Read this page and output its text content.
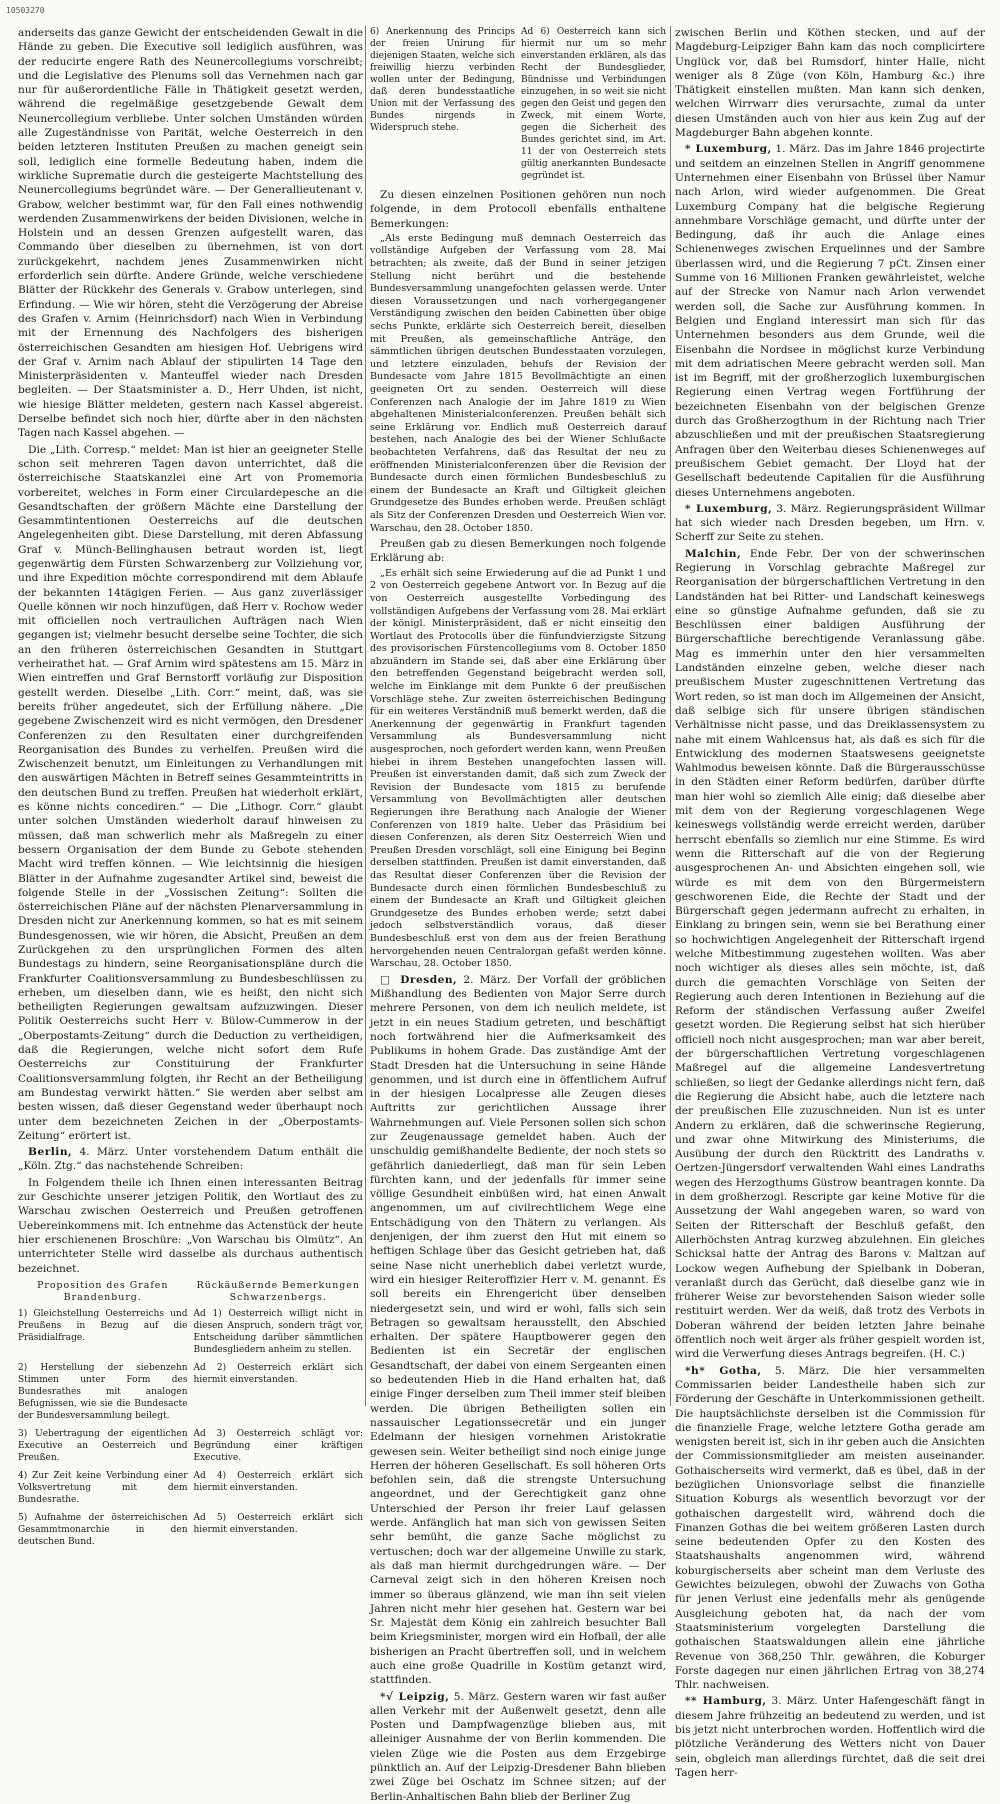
10503270

anderseits das ganze Gewicht der entscheidenden Gewalt in die Hände zu geben. Die Executive soll lediglich ausführen, was der reducirte engere Rath des Neunercollegiums vorschreibt; und die Legislative des Plenums soll das Vernehmen nach gar nur für außerordentliche Fälle in Thätigkeit gesetzt werden, während die regelmäßige gesetzgebende Gewalt dem Neunercollegium verbliebe. Unter solchen Umständen würden alle Zugeständnisse von Parität, welche Oesterreich in den beiden letzteren Instituten Preußen zu machen geneigt sein soll, lediglich eine formelle Bedeutung haben, indem die wirkliche Suprematie durch die gesteigerte Machtstellung des Neunercollegiums begründet wäre. — Der Generallieutenant v. Grabow, welcher bestimmt war, für den Fall eines nothwendig werdenden Zusammenwirkens der beiden Divisionen, welche in Holstein und an dessen Grenzen aufgestellt waren, das Commando über dieselben zu übernehmen, ist von dort zurückgekehrt, nachdem jenes Zusammenwirken nicht erforderlich sein dürfte. Andere Gründe, welche verschiedene Blätter der Rückkehr des Generals v. Grabow unterlegen, sind Erfindung. — Wie wir hören, steht die Verzögerung der Abreise des Grafen v. Arnim (Heinrichsdorf) nach Wien in Verbindung mit der Ernennung des Nachfolgers des bisherigen österreichischen Gesandten am hiesigen Hof. Uebrigens wird der Graf v. Arnim nach Ablauf der stipulirten 14 Tage den Ministerpräsidenten v. Manteuffel wieder nach Dresden begleiten. — Der Staatsminister a. D., Herr Uhden, ist nicht, wie hiesige Blätter meldeten, gestern nach Kassel abgereist. Derselbe befindet sich noch hier, dürfte aber in den nächsten Tagen nach Kassel abgehen. —

Die „Lith. Corresp.“ meldet: Man ist hier an geeigneter Stelle schon seit mehreren Tagen davon unterrichtet, daß die österreichische Staatskanzlei eine Art von Promemoria vorbereitet, welches in Form einer Circulardepesche an die Gesandtschaften der größern Mächte eine Darstellung der Gesammtintentionen Oesterreichs auf die deutschen Angelegenheiten gibt. Diese Darstellung, mit deren Abfassung Graf v. Münch-Bellinghausen betraut worden ist, liegt gegenwärtig dem Fürsten Schwarzenberg zur Vollziehung vor, und ihre Expedition möchte correspondirend mit dem Ablaufe der bekannten 14tägigen Ferien. — Aus ganz zuverlässiger Quelle können wir noch hinzufügen, daß Herr v. Rochow weder mit officiellen noch vertraulichen Aufträgen nach Wien gegangen ist; vielmehr besucht derselbe seine Tochter, die sich an den früheren österreichischen Gesandten in Stuttgart verheirathet hat. — Graf Arnim wird spätestens am 15. März in Wien eintreffen und Graf Bernstorff vorläufig zur Disposition gestellt werden. Dieselbe „Lith. Corr.“ meint, daß, was sie bereits früher angedeutet, sich der Erfüllung nähere. „Die gegebene Zwischenzeit wird es nicht vermögen, den Dresdener Conferenzen zu den Resultaten einer durchgreifenden Reorganisation des Bundes zu verhelfen. Preußen wird die Zwischenzeit benutzt, um Einleitungen zu Verhandlungen mit den auswärtigen Mächten in Betreff seines Gesammteintritts in den deutschen Bund zu treffen. Preußen hat wiederholt erklärt, es könne nichts concediren.“ — Die „Lithogr. Corr.“ glaubt unter solchen Umständen wiederholt darauf hinweisen zu müssen, daß man schwerlich mehr als Maßregeln zu einer bessern Organisation der dem Bunde zu Gebote stehenden Macht wird treffen können. — Wie leichtsinnig die hiesigen Blätter in der Aufnahme zugesandter Artikel sind, beweist die folgende Stelle in der „Vossischen Zeitung“: Sollten die österreichischen Pläne auf der nächsten Plenarversammlung in Dresden nicht zur Anerkennung kommen, so hat es mit seinem Bundesgenossen, wie wir hören, die Absicht, Preußen an dem Zurückgehen zu den ursprünglichen Formen des alten Bundestags zu hindern, seine Reorganisationspläne durch die Frankfurter Coalitionsversammlung zu Bundesbeschlüssen zu erheben, um dieselben dann, wie es heißt, den nicht sich betheiligten Regierungen gewaltsam aufzuzwingen. Dieser Politik Oesterreichs sucht Herr v. Bülow-Cummerow in der „Oberpostamts-Zeitung“ durch die Deduction zu vertheidigen, daß die Regierungen, welche nicht sofort dem Rufe Oesterreichs zur Constituirung der Frankfurter Coalitionsversammlung folgten, ihr Recht an der Betheiligung am Bundestag verwirkt hätten.“ Sie werden aber selbst am besten wissen, daß dieser Gegenstand weder überhaupt noch unter dem bezeichneten Zeichen in der „Oberpostamts-Zeitung“ erörtert ist.

Berlin, 4. März. Unter vorstehendem Datum enthält die „Köln. Ztg.“ das nachstehende Schreiben:

In Folgendem theile ich Ihnen einen interessanten Beitrag zur Geschichte unserer jetzigen Politik, den Wortlaut des zu Warschau zwischen Oesterreich und Preußen getroffenen Uebereinkommens mit. Ich entnehme das Actenstück der heute hier erschienenen Broschüre: „Von Warschau bis Olmütz“. An unterrichteter Stelle wird dasselbe als durchaus authentisch bezeichnet.

Proposition des Grafen Brandenburg.
Rückäußernde Bemerkungen Schwarzenbergs.
1) Gleichstellung Oesterreichs und Preußens in Bezug auf die Präsidialfrage.
Ad 1) Oesterreich willigt nicht in diesen Anspruch, sondern trägt vor, Entscheidung darüber sämmtlichen Bundesgliedern anheim zu stellen.
2) Herstellung der siebenzehn Stimmen unter Form des Bundesrathes mit analogen Befugnissen, wie sie die Bundesacte der Bundesversammlung beilegt.
Ad 2) Oesterreich erklärt sich hiermit einverstanden.
3) Uebertragung der eigentlichen Executive an Oesterreich und Preußen.
Ad 3) Oesterreich schlägt vor: Begründung einer kräftigen Executive.
4) Zur Zeit keine Verbindung einer Volksvertretung mit dem Bundesrathe.
Ad 4) Oesterreich erklärt sich hiermit einverstanden.
5) Aufnahme der österreichischen Gesammtmonarchie in den deutschen Bund.
Ad 5) Oesterreich erklärt sich hiermit einverstanden.
6) Anerkennung des Princips der freien Unirung für diejenigen Staaten, welche sich freiwillig hierzu verbinden wollen unter der Bedingung, daß deren bundesstaatliche Union mit der Verfassung des Bundes nirgends in Widerspruch stehe.
Ad 6) Oesterreich kann sich hiermit nur um so mehr einverstanden erklären, als das Recht der Bundesglieder, Bündnisse und Verbindungen einzugehen, in so weit sie nicht gegen den Geist und gegen den Zweck, mit einem Worte, gegen die Sicherheit des Bundes gerichtet sind, im Art. 11 der von Oesterreich stets gültig anerkannten Bundesacte gegründet ist.

Zu diesen einzelnen Positionen gehören nun noch folgende, in dem Protocoll ebenfalls enthaltene Bemerkungen:

„Als erste Bedingung muß demnach Oesterreich das vollständige Aufgeben der Verfassung vom 28. Mai betrachten; als zweite, daß der Bund in seiner jetzigen Stellung nicht berührt und die bestehende Bundesversammlung unangefochten gelassen werde. Unter diesen Voraussetzungen und nach vorhergegangener Verständigung zwischen den beiden Cabinetten über obige sechs Punkte, erklärte sich Oesterreich bereit, dieselben mit Preußen, als gemeinschaftliche Anträge, den sämmtlichen übrigen deutschen Bundesstaaten vorzulegen, und letztere einzuladen, behufs der Revision der Bundesacte vom Jahre 1815 Bevollmächtigte an einen geeigneten Ort zu senden. Oesterreich will diese Conferenzen nach Analogie der im Jahre 1819 zu Wien abgehaltenen Ministerialconferenzen. Preußen behält sich seine Erklärung vor. Endlich muß Oesterreich darauf bestehen, nach Analogie des bei der Wiener Schlußacte beobachteten Verfahrens, daß das Resultat der neu zu eröffnenden Ministerialconferenzen über die Revision der Bundesacte durch einen förmlichen Bundesbeschluß zu einem der Bundesacte an Kraft und Giltigkeit gleichen Grundgesetze des Bundes erhoben werde. Preußen schlägt als Sitz der Conferenzen Dresden und Oesterreich Wien vor. Warschau, den 28. October 1850.

Preußen gab zu diesen Bemerkungen noch folgende Erklärung ab:

„Es erhält sich seine Erwiederung auf die ad Punkt 1 und 2 von Oesterreich gegebene Antwort vor. In Bezug auf die von Oesterreich ausgestellte Vorbedingung des vollständigen Aufgebens der Verfassung vom 28. Mai erklärt der königl. Ministerpräsident, daß er nicht einseitig den Wortlaut des Protocolls über die fünfundvierzigste Sitzung des provisorischen Fürstencollegiums vom 8. October 1850 abzuändern im Stande sei, daß aber eine Erklärung über den betreffenden Gegenstand beigebracht werden soll, welche im Einklange mit dem Punkte 6 der preußischen Vorschläge stehe. Zur zweiten österreichischen Bedingung für ein weiteres Verständniß muß bemerkt werden, daß die Anerkennung der gegenwärtig in Frankfurt tagenden Versammlung als Bundesversammlung nicht ausgesprochen, noch gefordert werden kann, wenn Preußen hiebei in ihrem Bestehen unangefochten lassen will. Preußen ist einverstanden damit, daß sich zum Zweck der Revision der Bundesacte vom 1815 zu berufende Versammlung von Bevollmächtigten aller deutschen Regierungen ihre Berathung nach Analogie der Wiener Conferenzen von 1819 halte. Ueber das Präsidium bei diesen Conferenzen, als deren Sitz Oesterreich Wien und Preußen Dresden vorschlägt, soll eine Einigung bei Beginn derselben stattfinden. Preußen ist damit einverstanden, daß das Resultat dieser Conferenzen über die Revision der Bundesacte durch einen förmlichen Bundesbeschluß zu einem der Bundesacte an Kraft und Giltigkeit gleichen Grundgesetze des Bundes erhoben werde; setzt dabei jedoch selbstverständlich voraus, daß dieser Bundesbeschluß erst von dem aus der freien Berathung hervorgehenden neuen Centralorgan gefaßt werden könne. Warschau, 28. October 1850.

□ Dresden, 2. März. Der Vorfall der gröblichen Mißhandlung des Bedienten von Major Serre durch mehrere Personen, von dem ich neulich meldete, ist jetzt in ein neues Stadium getreten, und beschäftigt noch fortwährend hier die Aufmerksamkeit des Publikums in hohem Grade. Das zuständige Amt der Stadt Dresden hat die Untersuchung in seine Hände genommen, und ist durch eine in öffentlichem Aufruf in der hiesigen Localpresse alle Zeugen dieses Auftritts zur gerichtlichen Aussage ihrer Wahrnehmungen auf. Viele Personen sollen sich schon zur Zeugenaussage gemeldet haben. Auch der unschuldig gemißhandelte Bediente, der noch stets so gefährlich daniederliegt, daß man für sein Leben fürchten kann, und der jedenfalls für immer seine völlige Gesundheit einbüßen wird, hat einen Anwalt angenommen, um auf civilrechtlichem Wege eine Entschädigung von den Thätern zu verlangen. Als denjenigen, der ihm zuerst den Hut mit einem so heftigen Schlage über das Gesicht getrieben hat, daß seine Nase nicht unerheblich dabei verletzt wurde, wird ein hiesiger Reiteroffizier Herr v. M. genannt. Es soll bereits ein Ehrengericht über denselben niedergesetzt sein, und wird er wohl, falls sich sein Betragen so gewaltsam herausstellt, den Abschied erhalten. Der spätere Hauptbowerer gegen den Bedienten ist ein Secretär der englischen Gesandtschaft, der dabei von einem Sergeanten einen so bedeutenden Hieb in die Hand erhalten hat, daß einige Finger derselben zum Theil immer steif bleiben werden. Die übrigen Betheiligten sollen ein nassauischer Legationssecretär und ein junger Edelmann der hiesigen vornehmen Aristokratie gewesen sein. Weiter betheiligt sind noch einige junge Herren der höheren Gesellschaft. Es soll höheren Orts befohlen sein, daß die strengste Untersuchung angeordnet, und der Gerechtigkeit ganz ohne Unterschied der Person ihr freier Lauf gelassen werde. Anfänglich hat man sich von gewissen Seiten sehr bemüht, die ganze Sache möglichst zu vertuschen; doch war der allgemeine Unwille zu stark, als daß man hiermit durchgedrungen wäre. — Der Carneval zeigt sich in den höheren Kreisen noch immer so überaus glänzend, wie man ihn seit vielen Jahren nicht mehr hier gesehen hat. Gestern war bei Sr. Majestät dem König ein zahlreich besuchter Ball beim Kriegsminister, morgen wird ein Hofball, der alle bisherigen an Pracht übertreffen soll, und in welchem auch eine große Quadrille in Kostüm getanzt wird, stattfinden.

*√ Leipzig, 5. März. Gestern waren wir fast außer allen Verkehr mit der Außenwelt gesetzt, denn alle Posten und Dampfwagenzüge blieben aus, mit alleiniger Ausnahme der von Berlin kommenden. Die vielen Züge wie die Posten aus dem Erzgebirge pünktlich an. Auf der Leipzig-Dresdener Bahn blieben zwei Züge bei Oschatz im Schnee sitzen; auf der Berlin-Anhaltischen Bahn blieb der Berliner Zug

zwischen Berlin und Köthen stecken, und auf der Magdeburg-Leipziger Bahn kam das noch complicirtere Unglück vor, daß bei Rumsdorf, hinter Halle, nicht weniger als 8 Züge (von Köln, Hamburg &c.) ihre Thätigkeit einstellen mußten. Man kann sich denken, welchen Wirrwarr dies verursachte, zumal da unter diesen Umständen auch von hier aus kein Zug auf der Magdeburger Bahn abgehen konnte.

* Luxemburg, 1. März. Das im Jahre 1846 projectirte und seitdem an einzelnen Stellen in Angriff genommene Unternehmen einer Eisenbahn von Brüssel über Namur nach Arlon, wird wieder aufgenommen. Die Great Luxemburg Company hat die belgische Regierung annehmbare Vorschläge gemacht, und dürfte unter der Bedingung, daß ihr auch die Anlage eines Schienenweges zwischen Erquelinnes und der Sambre überlassen wird, und die Regierung 7 pCt. Zinsen einer Summe von 16 Millionen Franken gewährleistet, welche auf der Strecke von Namur nach Arlon verwendet werden soll, die Sache zur Ausführung kommen. In Belgien und England interessirt man sich für das Unternehmen besonders aus dem Grunde, weil die Eisenbahn die Nordsee in möglichst kurze Verbindung mit dem adriatischen Meere gebracht werden soll. Man ist im Begriff, mit der großherzoglich luxemburgischen Regierung einen Vertrag wegen Fortführung der bezeichneten Eisenbahn von der belgischen Grenze durch das Großherzogthum in der Richtung nach Trier abzuschließen und mit der preußischen Staatsregierung Anfragen über den Weiterbau dieses Schienenweges auf preußischem Gebiet gemacht. Der Lloyd hat der Gesellschaft bedeutende Capitalien für die Ausführung dieses Unternehmens angeboten.

* Luxemburg, 3. März. Regierungspräsident Willmar hat sich wieder nach Dresden begeben, um Hrn. v. Scherff zur Seite zu stehen.

Malchin, Ende Febr. Der von der schwerinschen Regierung in Vorschlag gebrachte Maßregel zur Reorganisation der bürgerschaftlichen Vertretung in den Landständen hat bei Ritter- und Landschaft keineswegs eine so günstige Aufnahme gefunden, daß sie zu Beschlüssen einer baldigen Ausführung der Bürgerschaftliche berechtigende Veranlassung gäbe. Mag es immerhin unter den hier versammelten Landständen einzelne geben, welche dieser nach preußischem Muster zugeschnittenen Vertretung das Wort reden, so ist man doch im Allgemeinen der Ansicht, daß selbige sich für unsere übrigen ständischen Verhältnisse nicht passe, und das Dreiklassensystem zu nahe mit einem Wahlcensus hat, als daß es sich für die Entwicklung des modernen Staatswesens geeignetste Wahlmodus beweisen könnte. Daß die Bürgerausschüsse in den Städten einer Reform bedürfen, darüber dürfte man hier wohl so ziemlich Alle einig; daß dieselbe aber mit dem von der Regierung vorgeschlagenen Wege keineswegs vollständig werde erreicht werden, darüber herrscht ebenfalls so ziemlich nur eine Stimme. Es wird wenn die Ritterschaft auf die von der Regierung ausgesprochenen An- und Absichten eingehen soll, wie würde es mit dem von den Bürgermeistern geschworenen Eide, die Rechte der Stadt und der Bürgerschaft gegen jedermann aufrecht zu erhalten, in Einklang zu bringen sein, wenn sie bei Berathung einer so hochwichtigen Angelegenheit der Ritterschaft irgend welche Mitbestimmung zugestehen wollten. Was aber noch wichtiger als dieses alles sein möchte, ist, daß durch die gemachten Vorschläge von Seiten der Regierung auch deren Intentionen in Beziehung auf die Reform der ständischen Verfassung außer Zweifel gesetzt worden. Die Regierung selbst hat sich hierüber officiell noch nicht ausgesprochen; man war aber bereit, der bürgerschaftlichen Vertretung vorgeschlagenen Maßregel auf die allgemeine Landesvertretung schließen, so liegt der Gedanke allerdings nicht fern, daß die Regierung die Absicht habe, auch die letztere nach der preußischen Elle zuzuschneiden. Nun ist es unter Andern zu erklären, daß die schwerinsche Regierung, und zwar ohne Mitwirkung des Ministeriums, die Ausübung der durch den Rücktritt des Landraths v. Oertzen-Jüngersdorf verwaltenden Wahl eines Landraths wegen des Herzogthums Güstrow beantragen konnte. Da in dem großherzogl. Rescripte gar keine Motive für die Aussetzung der Wahl angegeben waren, so ward von Seiten der Ritterschaft der Beschluß gefaßt, den Allerhöchsten Antrag kurzweg abzulehnen. Ein gleiches Schicksal hatte der Antrag des Barons v. Maltzan auf Lockow wegen Aufhebung der Spielbank in Doberan, veranlaßt durch das Gerücht, daß dieselbe ganz wie in früherer Weise zur bevorstehenden Saison wieder solle restituirt werden. Wer da weiß, daß trotz des Verbots in Doberan während der beiden letzten Jahre beinahe öffentlich noch weit ärger als früher gespielt worden ist, wird die Verwerfung dieses Antrags begreifen. (H. C.)

*h* Gotha, 5. März. Die hier versammelten Commissarien beider Landestheile haben sich zur Förderung der Geschäfte in Unterkommissionen getheilt. Die hauptsächlichste derselben ist die Commission für die finanzielle Frage, welche letztere Gotha gerade am wenigsten bereit ist, sich in ihr geben auch die Ansichten der Commissionsmitglieder am meisten auseinander. Gothaischerseits wird vermerkt, daß es übel, daß in der bezüglichen Unionsvorlage selbst die finanzielle Situation Koburgs als wesentlich bevorzugt vor der gothaischen dargestellt wird, während doch die Finanzen Gothas die bei weitem größeren Lasten durch seine bedeutenden Opfer zu den Kosten des Staatshaushalts angenommen wird, während koburgischerseits aber scheint man dem Verluste des Gewichtes beizulegen, obwohl der Zuwachs von Gotha für jenen Verlust eine jedenfalls mehr als genügende Ausgleichung geboten hat, da nach der vom Staatsministerium vorgelegten Darstellung die gothaischen Staatswaldungen allein eine jährliche Revenue von 368,250 Thlr. gewähren, die Koburger Forste dagegen nur einen jährlichen Ertrag von 38,274 Thlr. nachweisen.

** Hamburg, 3. März. Unter Hafengeschäft fängt in diesem Jahre frühzeitig an bedeutend zu werden, und ist bis jetzt nicht unterbrochen worden. Hoffentlich wird die plötzliche Veränderung des Wetters nicht von Dauer sein, obgleich man allerdings fürchtet, daß die seit drei Tagen herr-
